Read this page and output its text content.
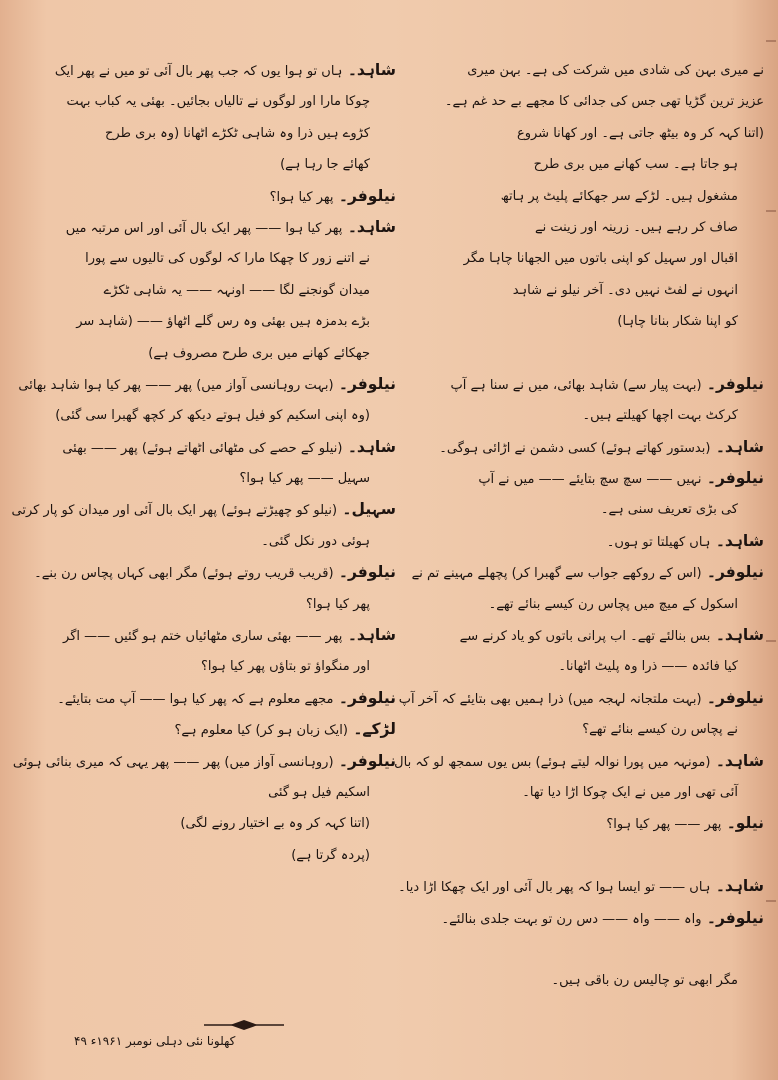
نے میری بہن کی شادی میں شرکت کی ہے۔ بہن میری
عزیز ترین گڑیا تھی جس کی جدائی کا مجھے بے حد غم ہے۔
(اتنا کہہ کر وہ بیٹھ جاتی ہے۔ اور کھانا شروع
ہو جاتا ہے۔ سب کھانے میں بری طرح
مشغول ہیں۔ لڑکے سر جھکائے پلیٹ پر ہاتھ
صاف کر رہے ہیں۔ زرینہ اور زینت نے
اقبال اور سہیل کو اپنی باتوں میں الجھانا چاہا مگر
انہوں نے لفٹ نہیں دی۔ آخر نیلو نے شاہد
کو اپنا شکار بنانا چاہا)
نیلوفر۔ (بہت پیار سے) شاہد بھائی، میں نے سنا ہے آپ
کرکٹ بہت اچھا کھیلتے ہیں۔
شاہد۔ (بدستور کھاتے ہوئے) کسی دشمن نے اڑائی ہوگی۔
نیلوفر۔ نہیں —— سچ سچ بتایئے —— میں نے آپ
کی بڑی تعریف سنی ہے۔
شاہد۔ ہاں کھیلتا تو ہوں۔
نیلوفر۔ (اس کے روکھے جواب سے گھبرا کر) پچھلے مہینے تم نے
اسکول کے میچ میں پچاس رن کیسے بنائے تھے۔
شاہد۔ بس بنالئے تھے۔ اب پرانی باتوں کو یاد کرنے سے
کیا فائدہ —— ذرا وہ پلیٹ اٹھانا۔
نیلوفر۔ (بہت ملتجانہ لہجہ میں) ذرا ہمیں بھی بتایئے کہ آخر آپ
نے پچاس رن کیسے بنائے تھے؟
شاہد۔ (مونہہ میں پورا نوالہ لیتے ہوئے) بس یوں سمجھ لو کہ بال
آئی تھی اور میں نے ایک چوکا اڑا دیا تھا۔
نیلو۔ پھر —— پھر کیا ہوا؟
شاہد۔ ہاں —— تو ایسا ہوا کہ پھر بال آئی اور ایک چھکا اڑا دیا۔
نیلوفر۔ واہ —— واہ —— دس رن تو بہت جلدی بنالئے۔
مگر ابھی تو چالیس رن باقی ہیں۔
شاہد۔ ہاں تو ہوا یوں کہ جب پھر بال آئی تو میں نے پھر ایک
چوکا مارا اور لوگوں نے تالیاں بجائیں۔ بھئی یہ کباب بہت
کڑوے ہیں ذرا وہ شاہی ٹکڑے اٹھانا (وہ بری طرح
کھائے جا رہا ہے)
نیلوفر۔ پھر کیا ہوا؟
شاہد۔ پھر کیا ہوا —— پھر ایک بال آئی اور اس مرتبہ میں
نے اتنے زور کا چھکا مارا کہ لوگوں کی تالیوں سے پورا
میدان گونجنے لگا —— اونہہ —— یہ شاہی ٹکڑے
بڑے بدمزہ ہیں بھئی وہ رس گلے اٹھاؤ —— (شاہد سر
جھکائے کھانے میں بری طرح مصروف ہے)
نیلوفر۔ (بہت روہانسی آواز میں) پھر —— پھر کیا ہوا شاہد بھائی
(وہ اپنی اسکیم کو فیل ہوتے دیکھ کر کچھ گھبرا سی گئی)
شاہد۔ (نیلو کے حصے کی مٹھائی اٹھاتے ہوئے) پھر —— بھئی
سہیل —— پھر کیا ہوا؟
سہیل۔ (نیلو کو چھیڑتے ہوئے) پھر ایک بال آئی اور میدان کو پار کرتی
ہوئی دور نکل گئی۔
نیلوفر۔ (قریب قریب روتے ہوئے) مگر ابھی کہاں پچاس رن بنے۔
پھر کیا ہوا؟
شاہد۔ پھر —— بھئی ساری مٹھائیاں ختم ہو گئیں —— اگر
اور منگواؤ تو بتاؤں پھر کیا ہوا؟
نیلوفر۔ مجھے معلوم ہے کہ پھر کیا ہوا —— آپ مت بتایئے۔
لڑکے۔ (ایک زبان ہو کر) کیا معلوم ہے؟
نیلوفر۔ (روہانسی آواز میں) پھر —— پھر یہی کہ میری بنائی ہوئی
اسکیم فیل ہو گئی
(اتنا کہہ کر وہ بے اختیار رونے لگی)
(پردہ گرتا ہے)
کھلونا نئی دہلی نومبر ۱۹۶۱ء ۴۹
